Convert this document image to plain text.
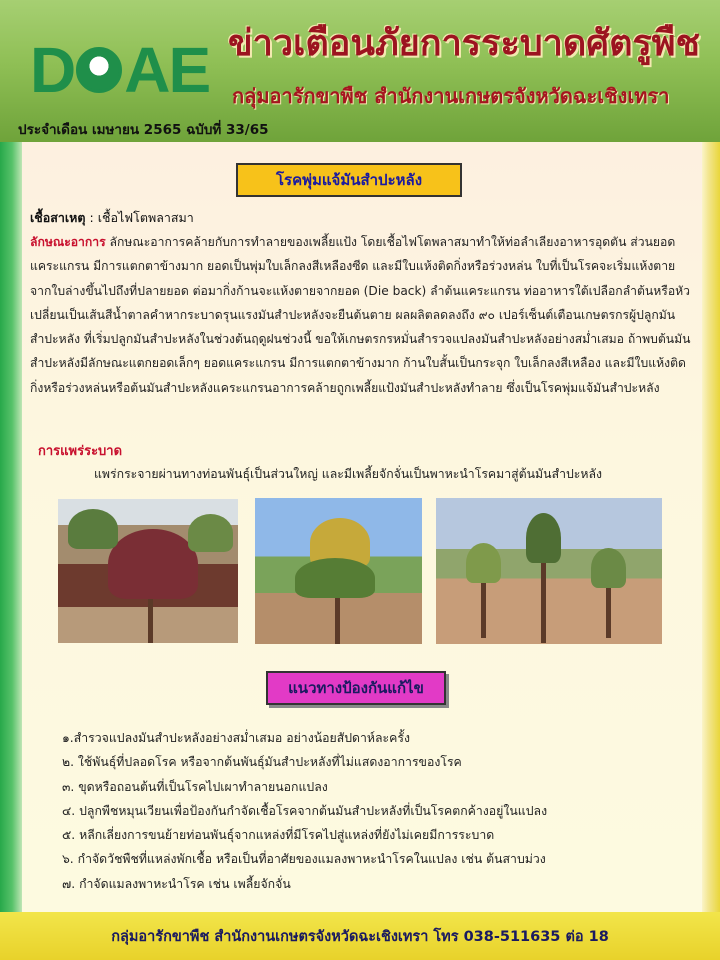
D AE ข่าวเตือนภัยการระบาดศัตรูพืช
กลุ่มอารักขาพืช สำนักงานเกษตรจังหวัดฉะเชิงเทรา
ประจำเดือน เมษายน 2565 ฉบับที่ 33/65
โรคพุ่มแจ้มันสำปะหลัง
เชื้อสาเหตุ : เชื้อไฟโตพลาสมา
ลักษณะอาการ ลักษณะอาการคล้ายกับการทำลายของเพลี้ยแป้ง โดยเชื้อไฟโตพลาสมาทำให้ท่อลำเลียงอาหารอุดตัน ส่วนยอดแคระแกรน มีการแตกตาข้างมาก ยอดเป็นพุ่มใบเล็กลงสีเหลืองซีด และมีใบแห้งติดกิ่งหรือร่วงหล่น ใบที่เป็นโรคจะเริ่มแห้งตายจากใบล่างขึ้นไปถึงที่ปลายยอด ต่อมากิ่งก้านจะแห้งตายจากยอด (Die back) ลำต้นแคระแกรน ท่ออาหารใต้เปลือกลำต้นหรือหัวเปลี่ยนเป็นเส้นสีน้ำตาลคำหากระบาดรุนแรงมันสำปะหลังจะยืนต้นตาย ผลผลิตลดลงถึง ๙๐ เปอร์เซ็นต์เตือนเกษตรกรผู้ปลูกมันสำปะหลัง ที่เริ่มปลูกมันสำปะหลังในช่วงต้นฤดูฝนช่วงนี้ ขอให้เกษตรกรหมั่นสำรวจแปลงมันสำปะหลังอย่างสม่ำเสมอ ถ้าพบต้นมันสำปะหลังมีลักษณะแตกยอดเล็กๆ ยอดแคระแกรน มีการแตกตาข้างมาก ก้านใบสั้นเป็นกระจุก ใบเล็กลงสีเหลือง และมีใบแห้งติดกิ่งหรือร่วงหล่นหรือต้นมันสำปะหลังแคระแกรนอาการคล้ายถูกเพลี้ยแป้งมันสำปะหลังทำลาย ซึ่งเป็นโรคพุ่มแจ้มันสำปะหลัง
การแพร่ระบาด
แพร่กระจายผ่านทางท่อนพันธุ์เป็นส่วนใหญ่ และมีเพลี้ยจักจั่นเป็นพาหะนำโรคมาสู่ต้นมันสำปะหลัง
แนวทางป้องกันแก้ไข
๑.สำรวจแปลงมันสำปะหลังอย่างสม่ำเสมอ อย่างน้อยสัปดาห์ละครั้ง
๒. ใช้พันธุ์ที่ปลอดโรค หรือจากต้นพันธุ์มันสำปะหลังที่ไม่แสดงอาการของโรค
๓. ขุดหรือถอนต้นที่เป็นโรคไปเผาทำลายนอกแปลง
๔. ปลูกพืชหมุนเวียนเพื่อป้องกันกำจัดเชื้อโรคจากต้นมันสำปะหลังที่เป็นโรคตกค้างอยู่ในแปลง
๕. หลีกเลี่ยงการขนย้ายท่อนพันธุ์จากแหล่งที่มีโรคไปสู่แหล่งที่ยังไม่เคยมีการระบาด
๖. กำจัดวัชพืชที่แหล่งพักเชื้อ หรือเป็นที่อาศัยของแมลงพาหะนำโรคในแปลง เช่น ต้นสาบม่วง
๗. กำจัดแมลงพาหะนำโรค เช่น เพลี้ยจักจั่น
กลุ่มอารักขาพืช สำนักงานเกษตรจังหวัดฉะเชิงเทรา โทร 038-511635 ต่อ 18
